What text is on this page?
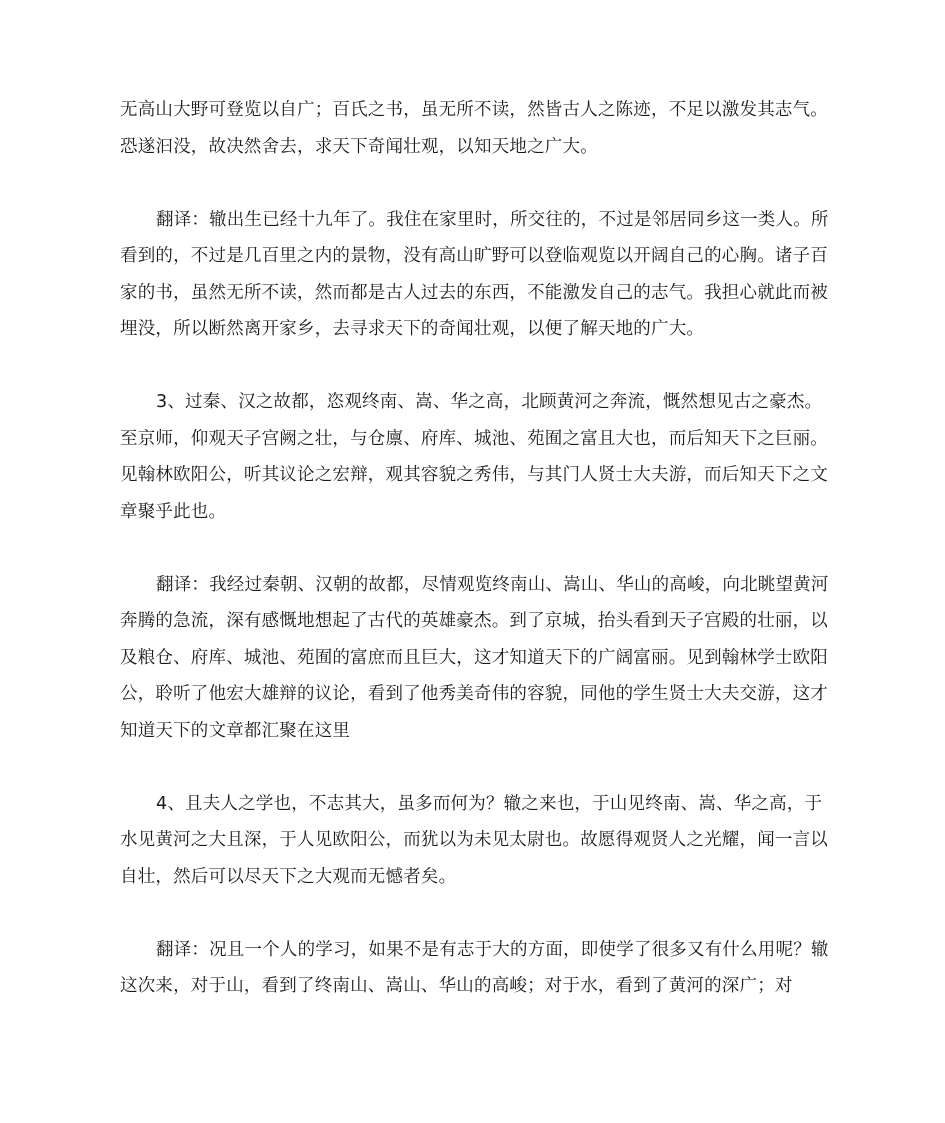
无高山大野可登览以自广；百氏之书，虽无所不读，然皆古人之陈迹，不足以激发其志气。恐遂汩没，故决然舍去，求天下奇闻壮观，以知天地之广大。

翻译：辙出生已经十九年了。我住在家里时，所交往的，不过是邻居同乡这一类人。所看到的，不过是几百里之内的景物，没有高山旷野可以登临观览以开阔自己的心胸。诸子百家的书，虽然无所不读，然而都是古人过去的东西，不能激发自己的志气。我担心就此而被埋没，所以断然离开家乡，去寻求天下的奇闻壮观，以便了解天地的广大。

3、过秦、汉之故都，恣观终南、嵩、华之高，北顾黄河之奔流，慨然想见古之豪杰。至京师，仰观天子宫阙之壮，与仓廪、府库、城池、苑囿之富且大也，而后知天下之巨丽。见翰林欧阳公，听其议论之宏辩，观其容貌之秀伟，与其门人贤士大夫游，而后知天下之文章聚乎此也。

翻译：我经过秦朝、汉朝的故都，尽情观览终南山、嵩山、华山的高峻，向北眺望黄河奔腾的急流，深有感慨地想起了古代的英雄豪杰。到了京城，抬头看到天子宫殿的壮丽，以及粮仓、府库、城池、苑囿的富庶而且巨大，这才知道天下的广阔富丽。见到翰林学士欧阳公，聆听了他宏大雄辩的议论，看到了他秀美奇伟的容貌，同他的学生贤士大夫交游，这才知道天下的文章都汇聚在这里

4、且夫人之学也，不志其大，虽多而何为？辙之来也，于山见终南、嵩、华之高，于水见黄河之大且深，于人见欧阳公，而犹以为未见太尉也。故愿得观贤人之光耀，闻一言以自壮，然后可以尽天下之大观而无憾者矣。

翻译：况且一个人的学习，如果不是有志于大的方面，即使学了很多又有什么用呢？辙这次来，对于山，看到了终南山、嵩山、华山的高峻；对于水，看到了黄河的深广；对
